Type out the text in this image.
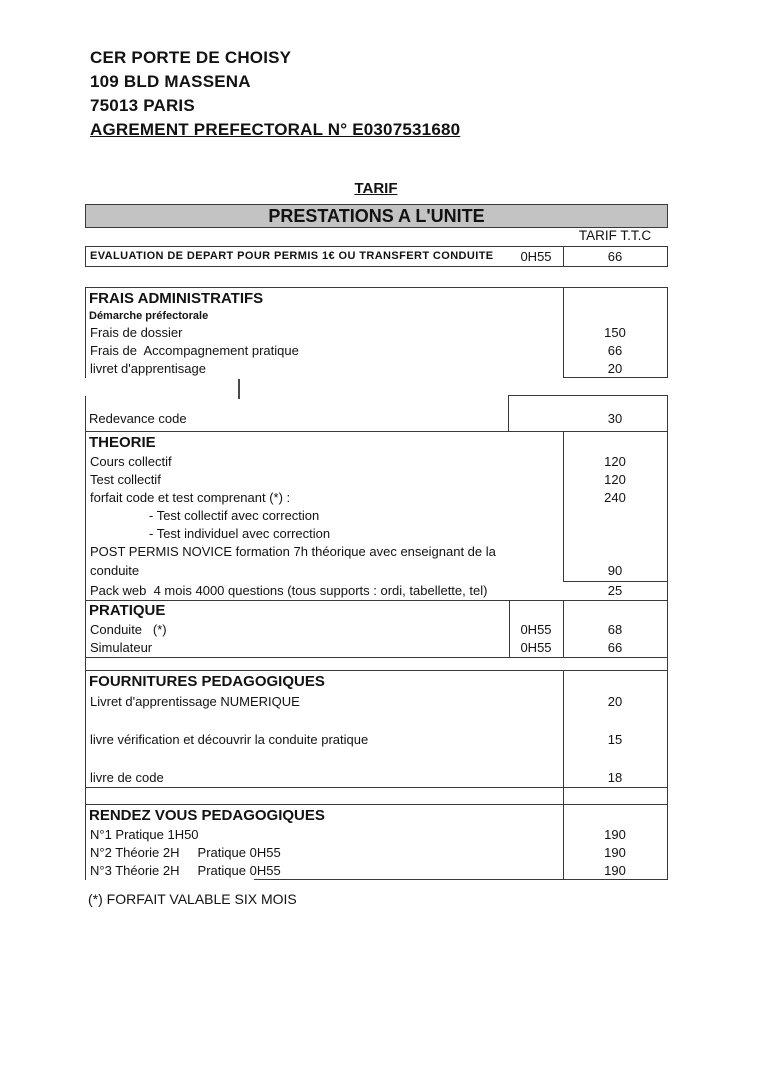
CER PORTE DE CHOISY
109 BLD MASSENA
75013 PARIS
AGREMENT PREFECTORAL N° E0307531680
TARIF
PRESTATIONS A L'UNITE
TARIF T.T.C
EVALUATION DE DEPART POUR PERMIS 1€ OU TRANSFERT CONDUITE	0H55	66
FRAIS ADMINISTRATIFS
Démarche préfectorale
Frais de dossier	150
Frais de  Accompagnement pratique	66
livret d'apprentisage	20
Redevance code	30
THEORIE
Cours collectif	120
Test collectif	120
forfait code et test comprenant (*) :	240
- Test collectif avec correction
- Test individuel avec correction
POST PERMIS NOVICE formation 7h théorique avec enseignant de la
conduite	90
Pack web  4 mois 4000 questions (tous supports : ordi, tabellette, tel)	25
PRATIQUE
Conduite   (*)	0H55	68
Simulateur	0H55	66
FOURNITURES PEDAGOGIQUES
Livret d'apprentissage NUMERIQUE	20
livre vérification et découvrir la conduite pratique	15
livre de code	18
RENDEZ VOUS PEDAGOGIQUES
N°1 Pratique 1H50	190
N°2 Théorie 2H     Pratique 0H55	190
N°3 Théorie 2H     Pratique 0H55	190
(*) FORFAIT VALABLE SIX MOIS
